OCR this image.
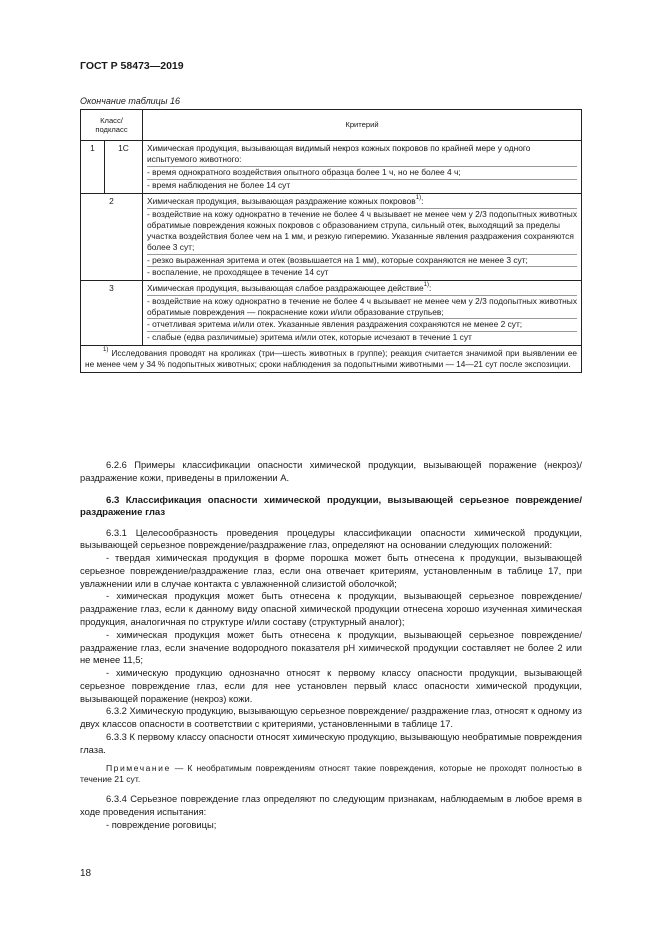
ГОСТ Р 58473—2019
Окончание таблицы 16
Класс/
подкласс		Критерий
1	1С	Химическая продукция, вызывающая видимый некроз кожных покровов по крайней мере у одного испытуемого животного:

- время однократного воздействия опытного образца более 1 ч, но не более 4 ч;

- время наблюдения не более 14 сут

2		Химическая продукция, вызывающая раздражение кожных покровов$^{1)}$:

- воздействие на кожу однократно в течение не более 4 ч вызывает не менее чем у 2/3 подопытных животных обратимые повреждения кожных покровов с образованием струпа, сильный отек, выходящий за пределы участка воздействия более чем на 1 мм, и резкую гиперемию. Указанные явления раздражения сохраняются более 3 сут;

- резко выраженная эритема и отек (возвышается на 1 мм), которые сохраняются не менее 3 сут;

- воспаление, не проходящее в течение 14 сут

3		Химическая продукция, вызывающая слабое раздражающее действие$^{1)}$:

- воздействие на кожу однократно в течение не более 4 ч вызывает не менее чем у 2/3 подопытных животных обратимые повреждения — покраснение кожи и/или образование струпьев;

- отчетливая эритема и/или отек. Указанные явления раздражения сохраняются не менее 2 сут;

- слабые (едва различимые) эритема и/или отек, которые исчезают в течение 1 сут

$^{1)}$ Исследования проводят на кроликах (три—шесть животных в группе); реакция считается значимой при выявлении ее не менее чем у 34 % подопытных животных; сроки наблюдения за подопытными животными — 14—21 сут после экспозиции.		

6.2.6 Примеры классификации опасности химической продукции, вызывающей поражение (некроз)/раздражение кожи, приведены в приложении А.

6.3 Классификация опасности химической продукции, вызывающей серьезное повреждение/раздражение глаз

6.3.1 Целесообразность проведения процедуры классификации опасности химической продукции, вызывающей серьезное повреждение/раздражение глаз, определяют на основании следующих положений:

- твердая химическая продукция в форме порошка может быть отнесена к продукции, вызывающей серьезное повреждение/раздражение глаз, если она отвечает критериям, установленным в таблице 17, при увлажнении или в случае контакта с увлажненной слизистой оболочкой;

- химическая продукция может быть отнесена к продукции, вызывающей серьезное повреждение/раздражение глаз, если к данному виду опасной химической продукции отнесена хорошо изученная химическая продукция, аналогичная по структуре и/или составу (структурный аналог);

- химическая продукция может быть отнесена к продукции, вызывающей серьезное повреждение/раздражение глаз, если значение водородного показателя pH химической продукции составляет не более 2 или не менее 11,5;

- химическую продукцию однозначно относят к первому классу опасности продукции, вызывающей серьезное повреждение глаз, если для нее установлен первый класс опасности химической продукции, вызывающей поражение (некроз) кожи.

6.3.2 Химическую продукцию, вызывающую серьезное повреждение/ раздражение глаз, относят к одному из двух классов опасности в соответствии с критериями, установленными в таблице 17.

6.3.3 К первому классу опасности относят химическую продукцию, вызывающую необратимые повреждения глаза.

Примечание — К необратимым повреждениям относят такие повреждения, которые не проходят полностью в течение 21 сут.

6.3.4 Серьезное повреждение глаз определяют по следующим признакам, наблюдаемым в любое время в ходе проведения испытания:

- повреждение роговицы;

18
